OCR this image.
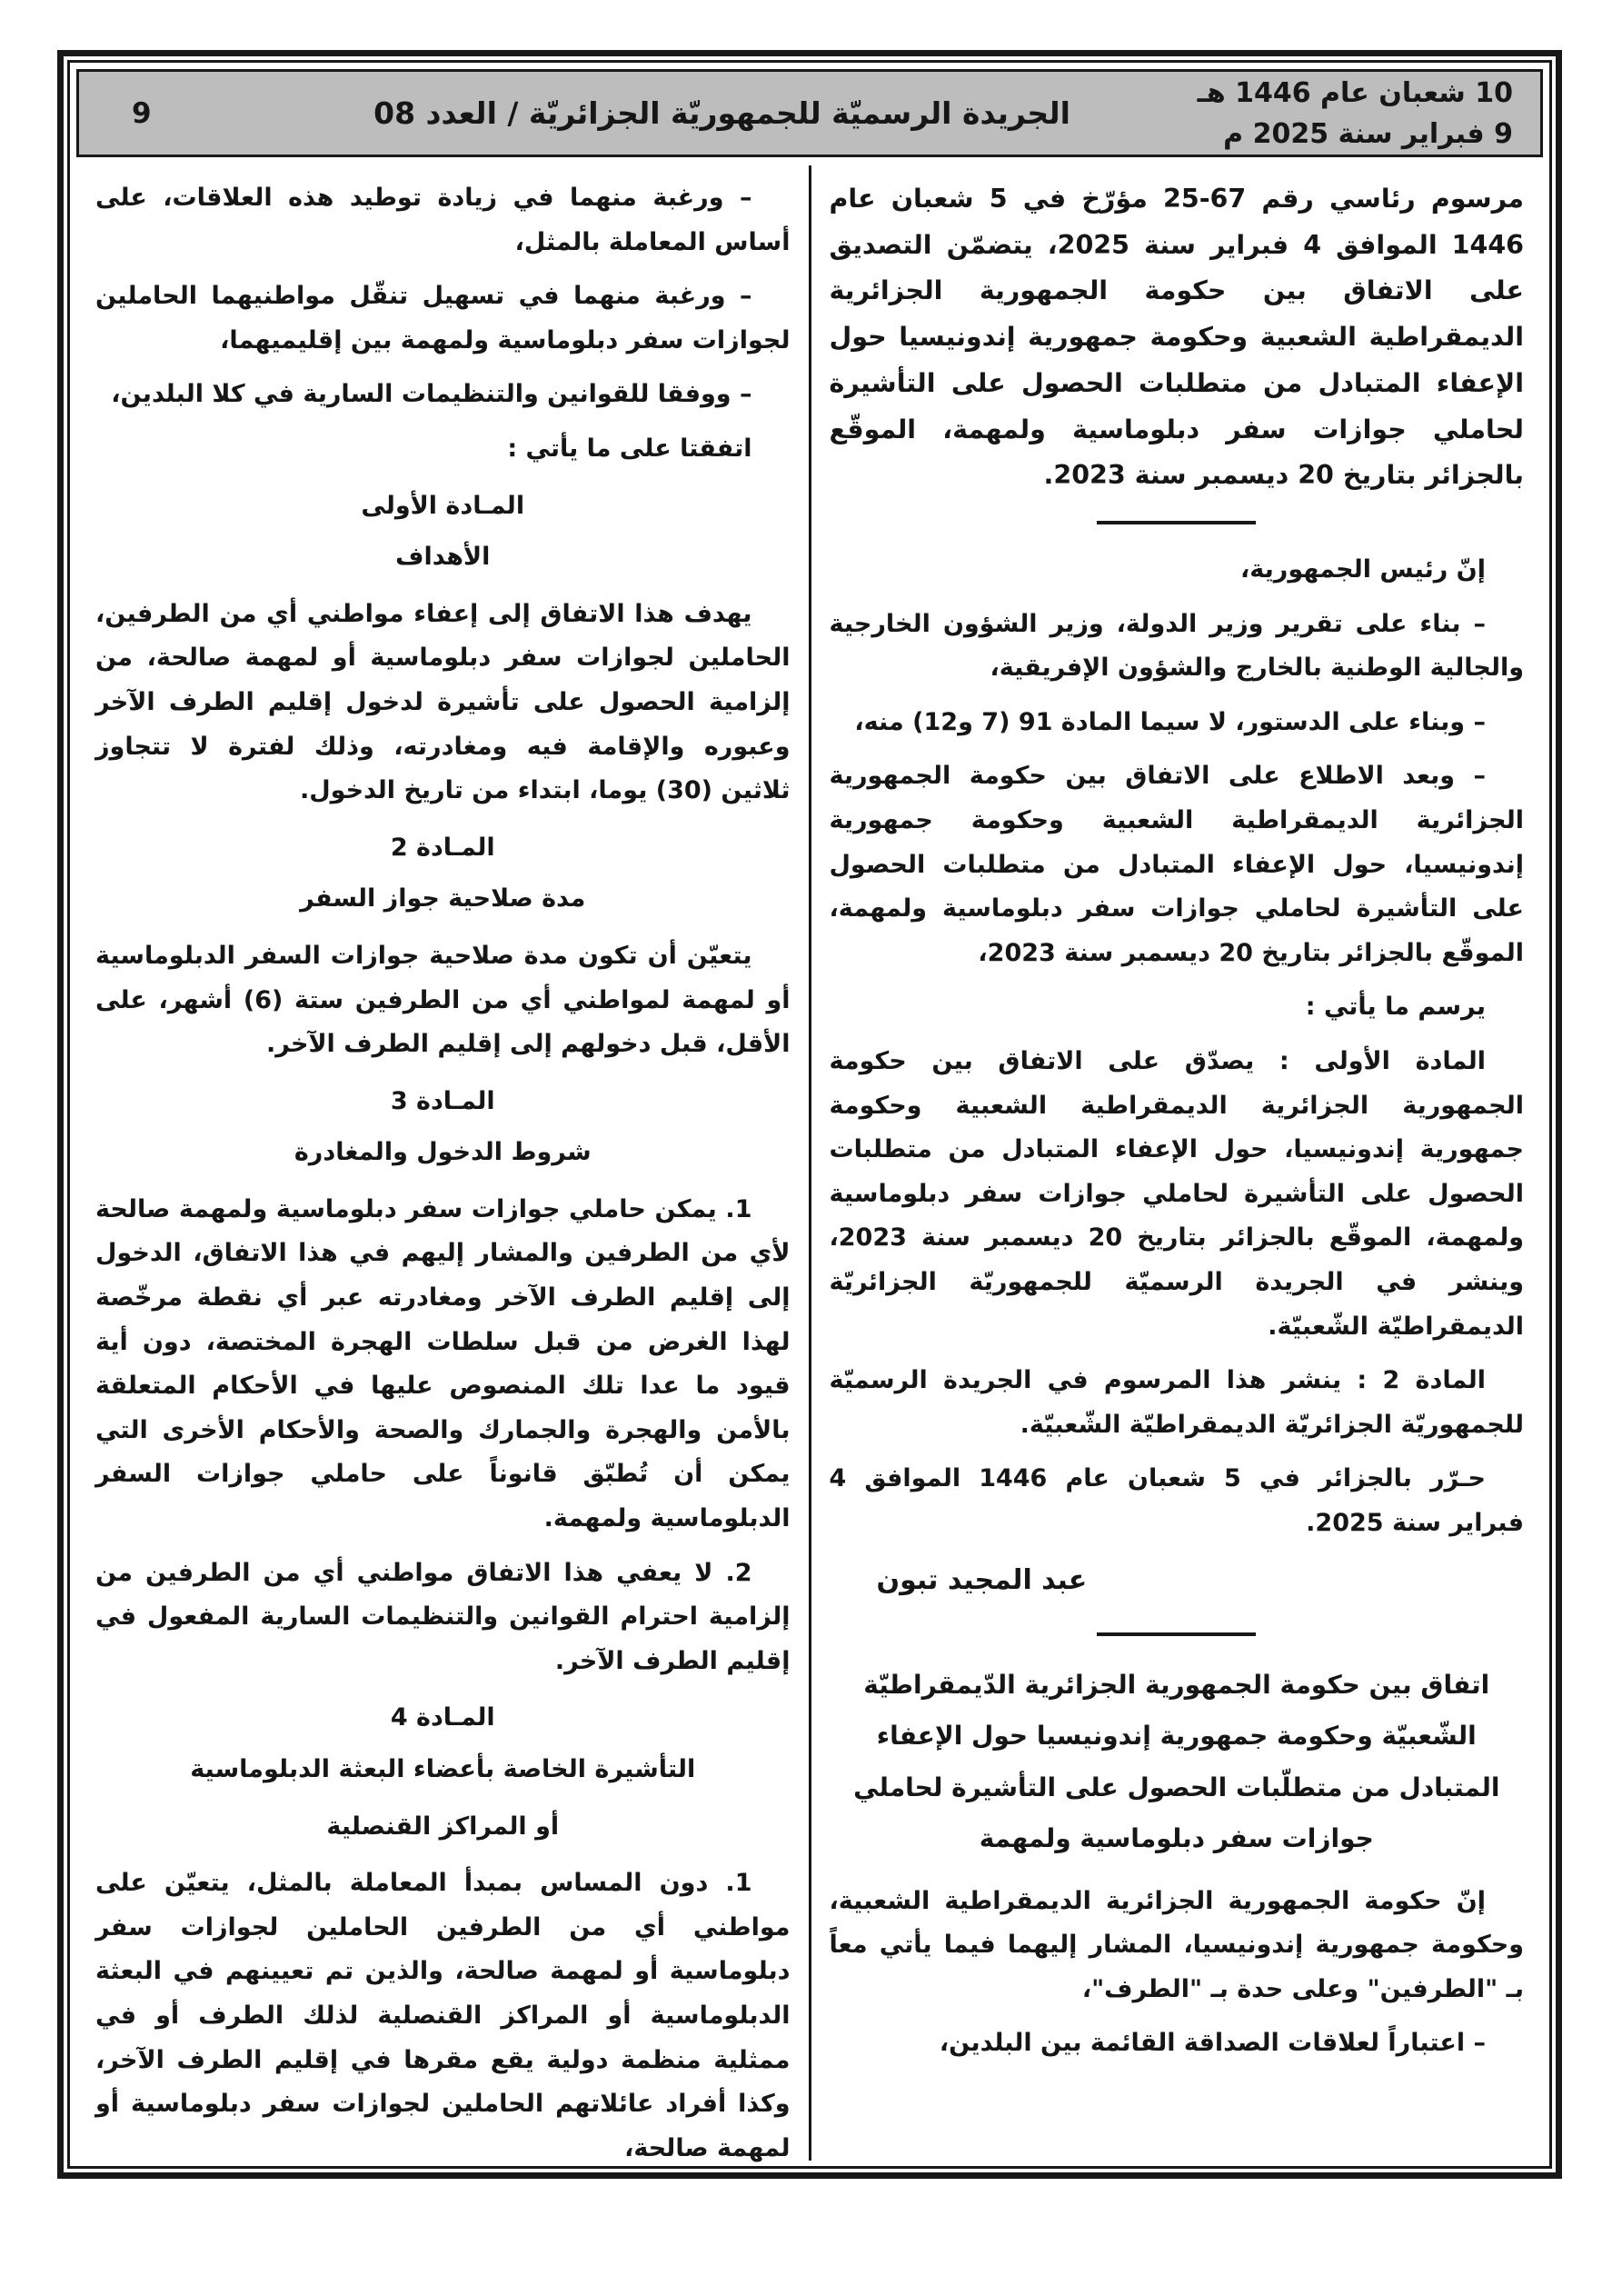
10 شعبان عام 1446 هـ
9 فبراير سنة 2025 م
الجريدة الرسميّة للجمهوريّة الجزائريّة / العدد 08
9

مرسوم رئاسي رقم 67-25 مؤرّخ في 5 شعبان عام 1446 الموافق 4 فبراير سنة 2025، يتضمّن التصديق على الاتفاق بين حكومة الجمهورية الجزائرية الديمقراطية الشعبية وحكومة جمهورية إندونيسيا حول الإعفاء المتبادل من متطلبات الحصول على التأشيرة لحاملي جوازات سفر دبلوماسية ولمهمة، الموقّع بالجزائر بتاريخ 20 ديسمبر سنة 2023.

إنّ رئيس الجمهورية،

– بناء على تقرير وزير الدولة، وزير الشؤون الخارجية والجالية الوطنية بالخارج والشؤون الإفريقية،

– وبناء على الدستور، لا سيما المادة 91 (7 و12) منه،

– وبعد الاطلاع على الاتفاق بين حكومة الجمهورية الجزائرية الديمقراطية الشعبية وحكومة جمهورية إندونيسيا، حول الإعفاء المتبادل من متطلبات الحصول على التأشيرة لحاملي جوازات سفر دبلوماسية ولمهمة، الموقّع بالجزائر بتاريخ 20 ديسمبر سنة 2023،

يرسم ما يأتي :

المادة الأولى : يصدّق على الاتفاق بين حكومة الجمهورية الجزائرية الديمقراطية الشعبية وحكومة جمهورية إندونيسيا، حول الإعفاء المتبادل من متطلبات الحصول على التأشيرة لحاملي جوازات سفر دبلوماسية ولمهمة، الموقّع بالجزائر بتاريخ 20 ديسمبر سنة 2023، وينشر في الجريدة الرسميّة للجمهوريّة الجزائريّة الديمقراطيّة الشّعبيّة.

المادة 2 : ينشر هذا المرسوم في الجريدة الرسميّة للجمهوريّة الجزائريّة الديمقراطيّة الشّعبيّة.

حـرّر بالجزائر في 5 شعبان عام 1446 الموافق 4 فبراير سنة 2025.

عبد المجيد تبون

اتفاق بين حكومة الجمهورية الجزائرية الدّيمقراطيّة الشّعبيّة وحكومة جمهورية إندونيسيا حول الإعفاء المتبادل من متطلّبات الحصول على التأشيرة لحاملي جوازات سفر دبلوماسية ولمهمة

إنّ حكومة الجمهورية الجزائرية الديمقراطية الشعبية، وحكومة جمهورية إندونيسيا، المشار إليهما فيما يأتي معاً بـ "الطرفين" وعلى حدة بـ "الطرف"،

– اعتباراً لعلاقات الصداقة القائمة بين البلدين،

– ورغبة منهما في زيادة توطيد هذه العلاقات، على أساس المعاملة بالمثل،

– ورغبة منهما في تسهيل تنقّل مواطنيهما الحاملين لجوازات سفر دبلوماسية ولمهمة بين إقليميهما،

– ووفقا للقوانين والتنظيمات السارية في كلا البلدين،

اتفقتا على ما يأتي :

المـادة الأولى
الأهداف

يهدف هذا الاتفاق إلى إعفاء مواطني أي من الطرفين، الحاملين لجوازات سفر دبلوماسية أو لمهمة صالحة، من إلزامية الحصول على تأشيرة لدخول إقليم الطرف الآخر وعبوره والإقامة فيه ومغادرته، وذلك لفترة لا تتجاوز ثلاثين (30) يوما، ابتداء من تاريخ الدخول.

المـادة 2
مدة صلاحية جواز السفر

يتعيّن أن تكون مدة صلاحية جوازات السفر الدبلوماسية أو لمهمة لمواطني أي من الطرفين ستة (6) أشهر، على الأقل، قبل دخولهم إلى إقليم الطرف الآخر.

المـادة 3
شروط الدخول والمغادرة

1. يمكن حاملي جوازات سفر دبلوماسية ولمهمة صالحة لأي من الطرفين والمشار إليهم في هذا الاتفاق، الدخول إلى إقليم الطرف الآخر ومغادرته عبر أي نقطة مرخّصة لهذا الغرض من قبل سلطات الهجرة المختصة، دون أية قيود ما عدا تلك المنصوص عليها في الأحكام المتعلقة بالأمن والهجرة والجمارك والصحة والأحكام الأخرى التي يمكن أن تُطبّق قانوناً على حاملي جوازات السفر الدبلوماسية ولمهمة.

2. لا يعفي هذا الاتفاق مواطني أي من الطرفين من إلزامية احترام القوانين والتنظيمات السارية المفعول في إقليم الطرف الآخر.

المـادة 4
التأشيرة الخاصة بأعضاء البعثة الدبلوماسية
أو المراكز القنصلية

1. دون المساس بمبدأ المعاملة بالمثل، يتعيّن على مواطني أي من الطرفين الحاملين لجوازات سفر دبلوماسية أو لمهمة صالحة، والذين تم تعيينهم في البعثة الدبلوماسية أو المراكز القنصلية لذلك الطرف أو في ممثلية منظمة دولية يقع مقرها في إقليم الطرف الآخر، وكذا أفراد عائلاتهم الحاملين لجوازات سفر دبلوماسية أو لمهمة صالحة،
